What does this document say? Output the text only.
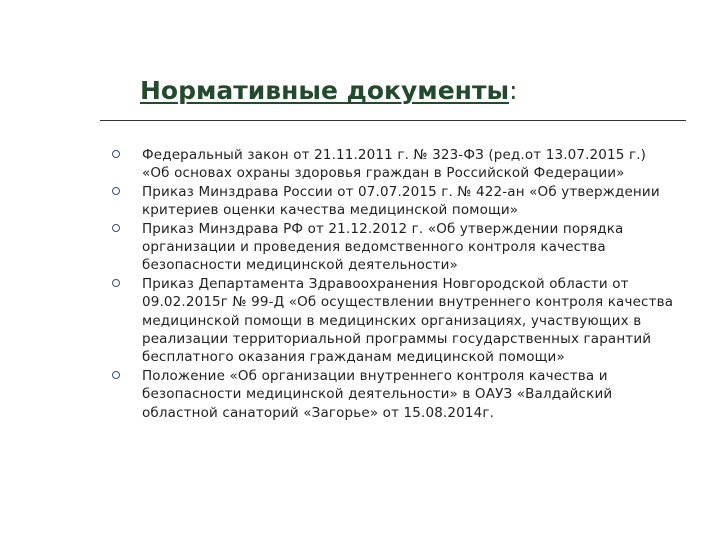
Нормативные документы:
Федеральный закон от 21.11.2011 г. № 323-ФЗ (ред.от 13.07.2015 г.) «Об основах охраны здоровья граждан в Российской Федерации»
Приказ Минздрава России от 07.07.2015 г. № 422-ан «Об утверждении критериев оценки качества медицинской помощи»
Приказ Минздрава РФ от 21.12.2012 г. «Об утверждении порядка организации и проведения ведомственного контроля качества безопасности медицинской деятельности»
Приказ Департамента Здравоохранения Новгородской области от 09.02.2015г № 99-Д «Об осуществлении внутреннего контроля качества медицинской помощи в медицинских организациях, участвующих в реализации территориальной программы государственных гарантий бесплатного оказания гражданам медицинской помощи»
Положение «Об организации внутреннего контроля качества и безопасности медицинской деятельности» в ОАУЗ «Валдайский областной санаторий «Загорье» от 15.08.2014г.
